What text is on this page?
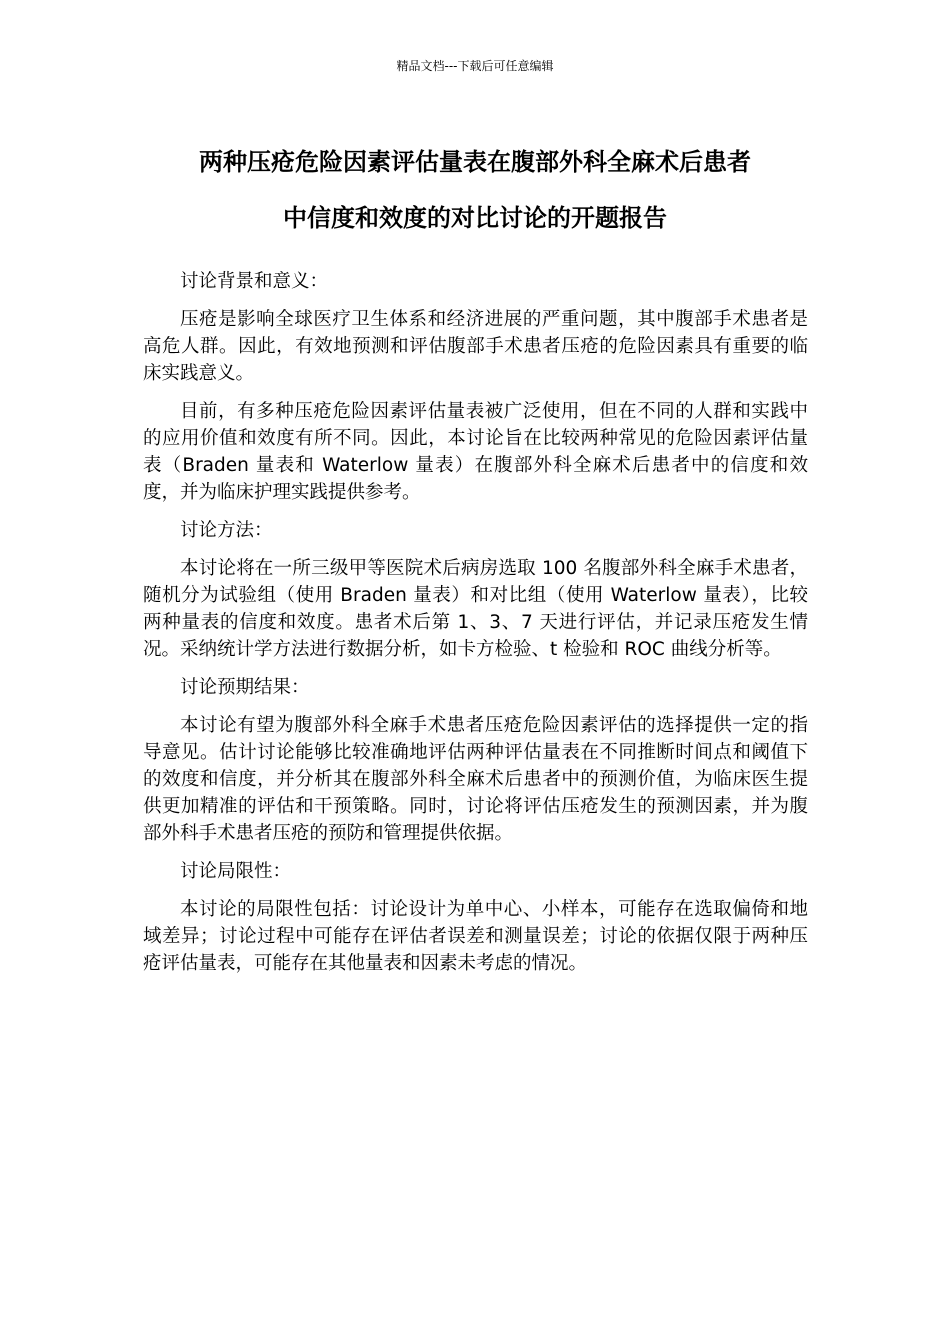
精品文档---下载后可任意编辑
两种压疮危险因素评估量表在腹部外科全麻术后患者
中信度和效度的对比讨论的开题报告

讨论背景和意义：

压疮是影响全球医疗卫生体系和经济进展的严重问题，其中腹部手术患者是高危人群。因此，有效地预测和评估腹部手术患者压疮的危险因素具有重要的临床实践意义。

目前，有多种压疮危险因素评估量表被广泛使用，但在不同的人群和实践中的应用价值和效度有所不同。因此，本讨论旨在比较两种常见的危险因素评估量表（Braden 量表和 Waterlow 量表）在腹部外科全麻术后患者中的信度和效度，并为临床护理实践提供参考。

讨论方法：

本讨论将在一所三级甲等医院术后病房选取 100 名腹部外科全麻手术患者，随机分为试验组（使用 Braden 量表）和对比组（使用 Waterlow 量表），比较两种量表的信度和效度。患者术后第 1、3、7 天进行评估，并记录压疮发生情况。采纳统计学方法进行数据分析，如卡方检验、t 检验和 ROC 曲线分析等。

讨论预期结果：

本讨论有望为腹部外科全麻手术患者压疮危险因素评估的选择提供一定的指导意见。估计讨论能够比较准确地评估两种评估量表在不同推断时间点和阈值下的效度和信度，并分析其在腹部外科全麻术后患者中的预测价值，为临床医生提供更加精准的评估和干预策略。同时，讨论将评估压疮发生的预测因素，并为腹部外科手术患者压疮的预防和管理提供依据。

讨论局限性：

本讨论的局限性包括：讨论设计为单中心、小样本，可能存在选取偏倚和地域差异；讨论过程中可能存在评估者误差和测量误差；讨论的依据仅限于两种压疮评估量表，可能存在其他量表和因素未考虑的情况。
